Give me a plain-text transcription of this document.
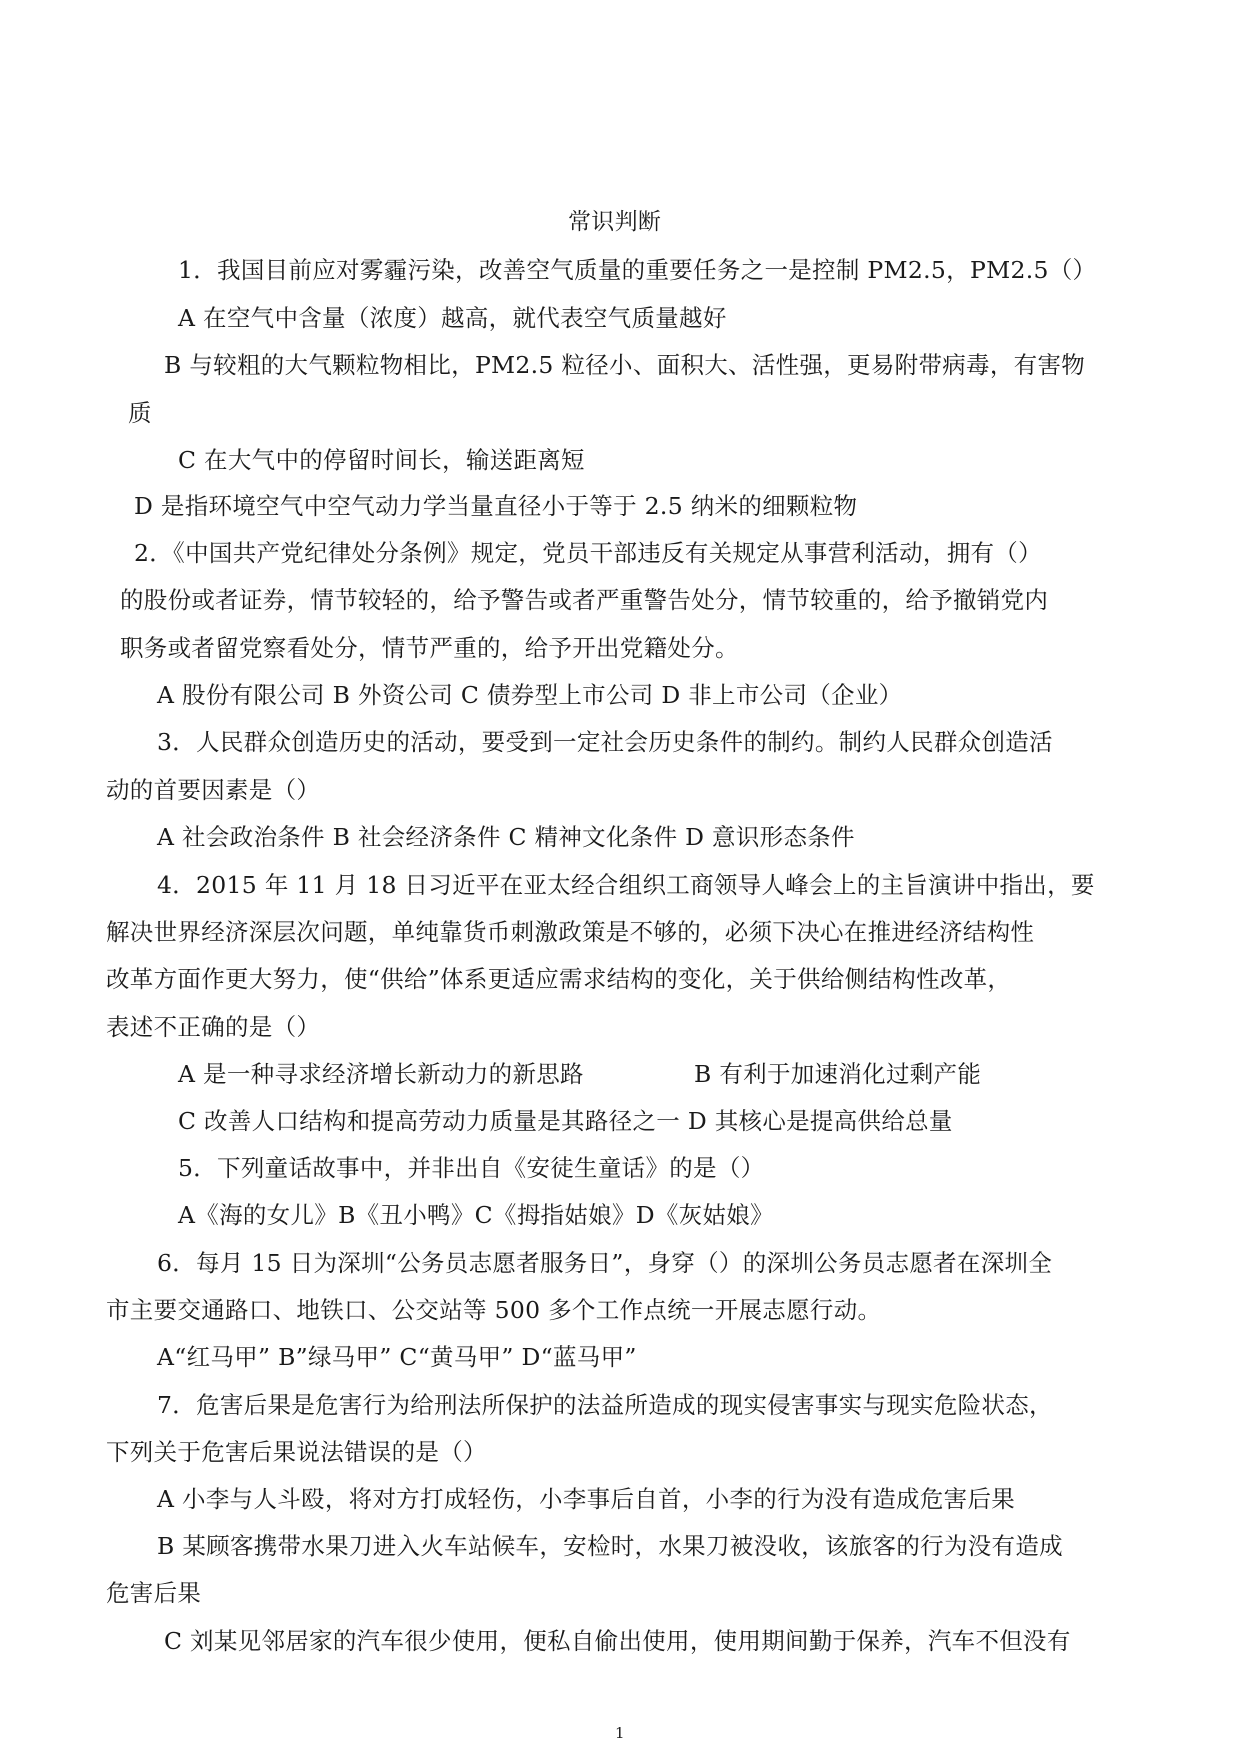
常识判断
1．我国目前应对雾霾污染，改善空气质量的重要任务之一是控制 PM2.5，PM2.5（）
A 在空气中含量（浓度）越高，就代表空气质量越好
B 与较粗的大气颗粒物相比，PM2.5 粒径小、面积大、活性强，更易附带病毒，有害物
质
C 在大气中的停留时间长，输送距离短
D 是指环境空气中空气动力学当量直径小于等于 2.5 纳米的细颗粒物
2．《中国共产党纪律处分条例》规定，党员干部违反有关规定从事营利活动，拥有（）
的股份或者证券，情节较轻的，给予警告或者严重警告处分，情节较重的，给予撤销党内
职务或者留党察看处分，情节严重的，给予开出党籍处分。
A 股份有限公司 B 外资公司 C 债券型上市公司 D 非上市公司（企业）
3．人民群众创造历史的活动，要受到一定社会历史条件的制约。制约人民群众创造活
动的首要因素是（）
A 社会政治条件 B 社会经济条件 C 精神文化条件 D 意识形态条件
4．2015 年 11 月 18 日习近平在亚太经合组织工商领导人峰会上的主旨演讲中指出，要
解决世界经济深层次问题，单纯靠货币刺激政策是不够的，必须下决心在推进经济结构性
改革方面作更大努力，使“供给”体系更适应需求结构的变化，关于供给侧结构性改革，
表述不正确的是（）
A 是一种寻求经济增长新动力的新思路	B 有利于加速消化过剩产能
C 改善人口结构和提高劳动力质量是其路径之一 D 其核心是提高供给总量
5．下列童话故事中，并非出自《安徒生童话》的是（）
A《海的女儿》B《丑小鸭》C《拇指姑娘》D《灰姑娘》
6．每月 15 日为深圳“公务员志愿者服务日”，身穿（）的深圳公务员志愿者在深圳全
市主要交通路口、地铁口、公交站等 500 多个工作点统一开展志愿行动。
A“红马甲” B”绿马甲” C“黄马甲” D“蓝马甲”
7．危害后果是危害行为给刑法所保护的法益所造成的现实侵害事实与现实危险状态，
下列关于危害后果说法错误的是（）
A 小李与人斗殴，将对方打成轻伤，小李事后自首，小李的行为没有造成危害后果
B 某顾客携带水果刀进入火车站候车，安检时，水果刀被没收，该旅客的行为没有造成
危害后果
C 刘某见邻居家的汽车很少使用，便私自偷出使用，使用期间勤于保养，汽车不但没有
1
